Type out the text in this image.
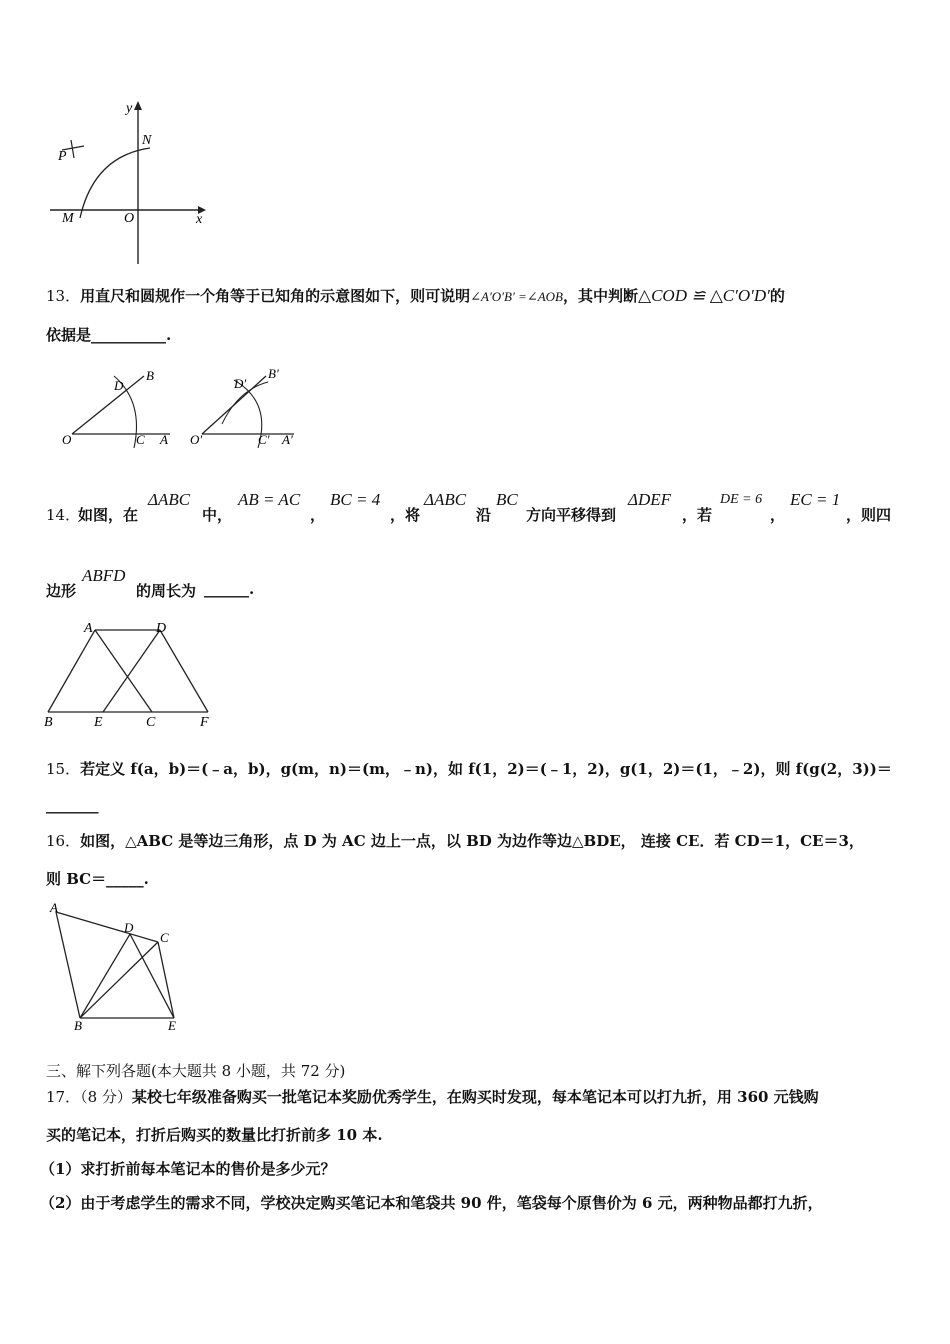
y
N
P
M	O	x
13．用直尺和圆规作一个角等于已知角的示意图如下，则可说明∠A′O′B′ =∠AOB，其中判断△COD ≌ △C′O′D′的
依据是__________.
O	C A
D
B
O′	C′ A′
D′
B′
14．
如图，在
ΔABC
中，
AB = AC
，
BC = 4
，将
ΔABC
沿
BC
方向平移得到
ΔDEF
，若
DE = 6
，
EC = 1
，则四
边形
ABFD
的周长为 ______.
A	D
B	E	C	F
15．若定义 f(a，b)＝(﹣a，b)，g(m，n)＝(m，﹣n)，如 f(1，2)＝(﹣1，2)，g(1，2)＝(1，﹣2)，则 f(g(2，3))＝
_______
16．如图，△ABC 是等边三角形，点 D 为 AC 边上一点，以 BD 为边作等边△BDE， 连接 CE．若 CD＝1，CE＝3，
则 BC＝_____.
A
D
C
B	E
三、解下列各题(本大题共 8 小题，共 72 分)
17．（8 分）某校七年级准备购买一批笔记本奖励优秀学生，在购买时发现，每本笔记本可以打九折，用 360 元钱购
买的笔记本，打折后购买的数量比打折前多 10 本.
（1）求打折前每本笔记本的售价是多少元？
（2）由于考虑学生的需求不同，学校决定购买笔记本和笔袋共 90 件，笔袋每个原售价为 6 元，两种物品都打九折，
